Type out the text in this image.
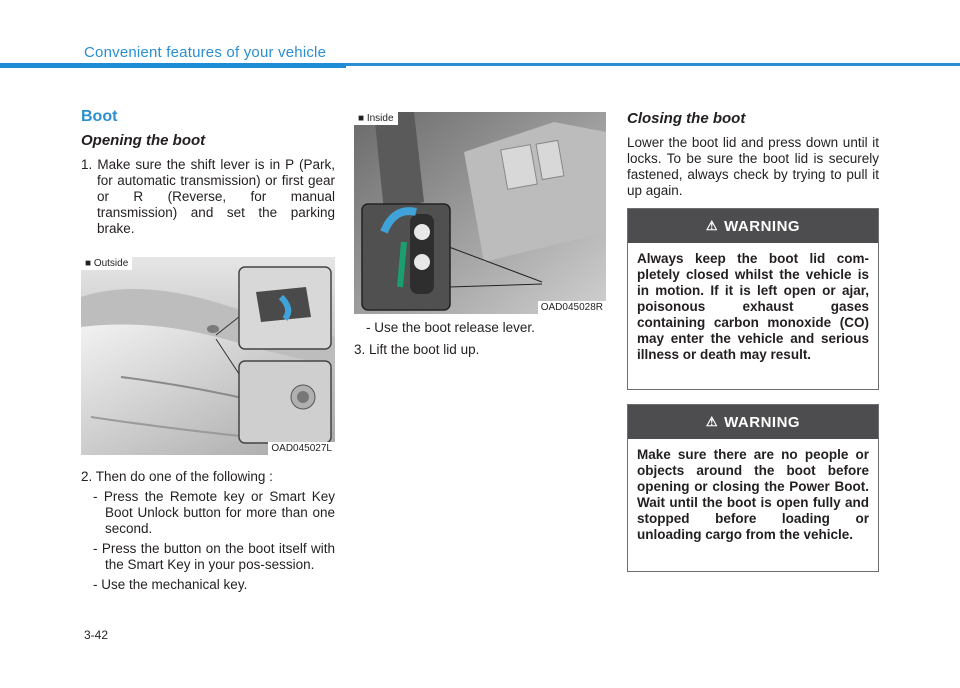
Convenient features of your vehicle
Boot
Opening the boot

1. Make sure the shift lever is in P (Park, for automatic transmission) or first gear or R (Reverse, for manual transmission) and set the parking brake.

■ Outside
OAD045027L

2. Then do one of the following :

- Press the Remote key or Smart Key Boot Unlock button for more than one second.

- Press the button on the boot itself with the Smart Key in your pos-session.

- Use the mechanical key.

■ Inside
OAD045028R

- Use the boot release lever.

3. Lift the boot lid up.

Closing the boot

Lower the boot lid and press down until it locks. To be sure the boot lid is securely fastened, always check by trying to pull it up again.

⚠ WARNING
Always keep the boot lid com-pletely closed whilst the vehicle is in motion. If it is left open or ajar, poisonous exhaust gases containing carbon monoxide (CO) may enter the vehicle and serious illness or death may result.
⚠ WARNING
Make sure there are no people or objects around the boot before opening or closing the Power Boot. Wait until the boot is open fully and stopped before loading or unloading cargo from the vehicle.
3-42
